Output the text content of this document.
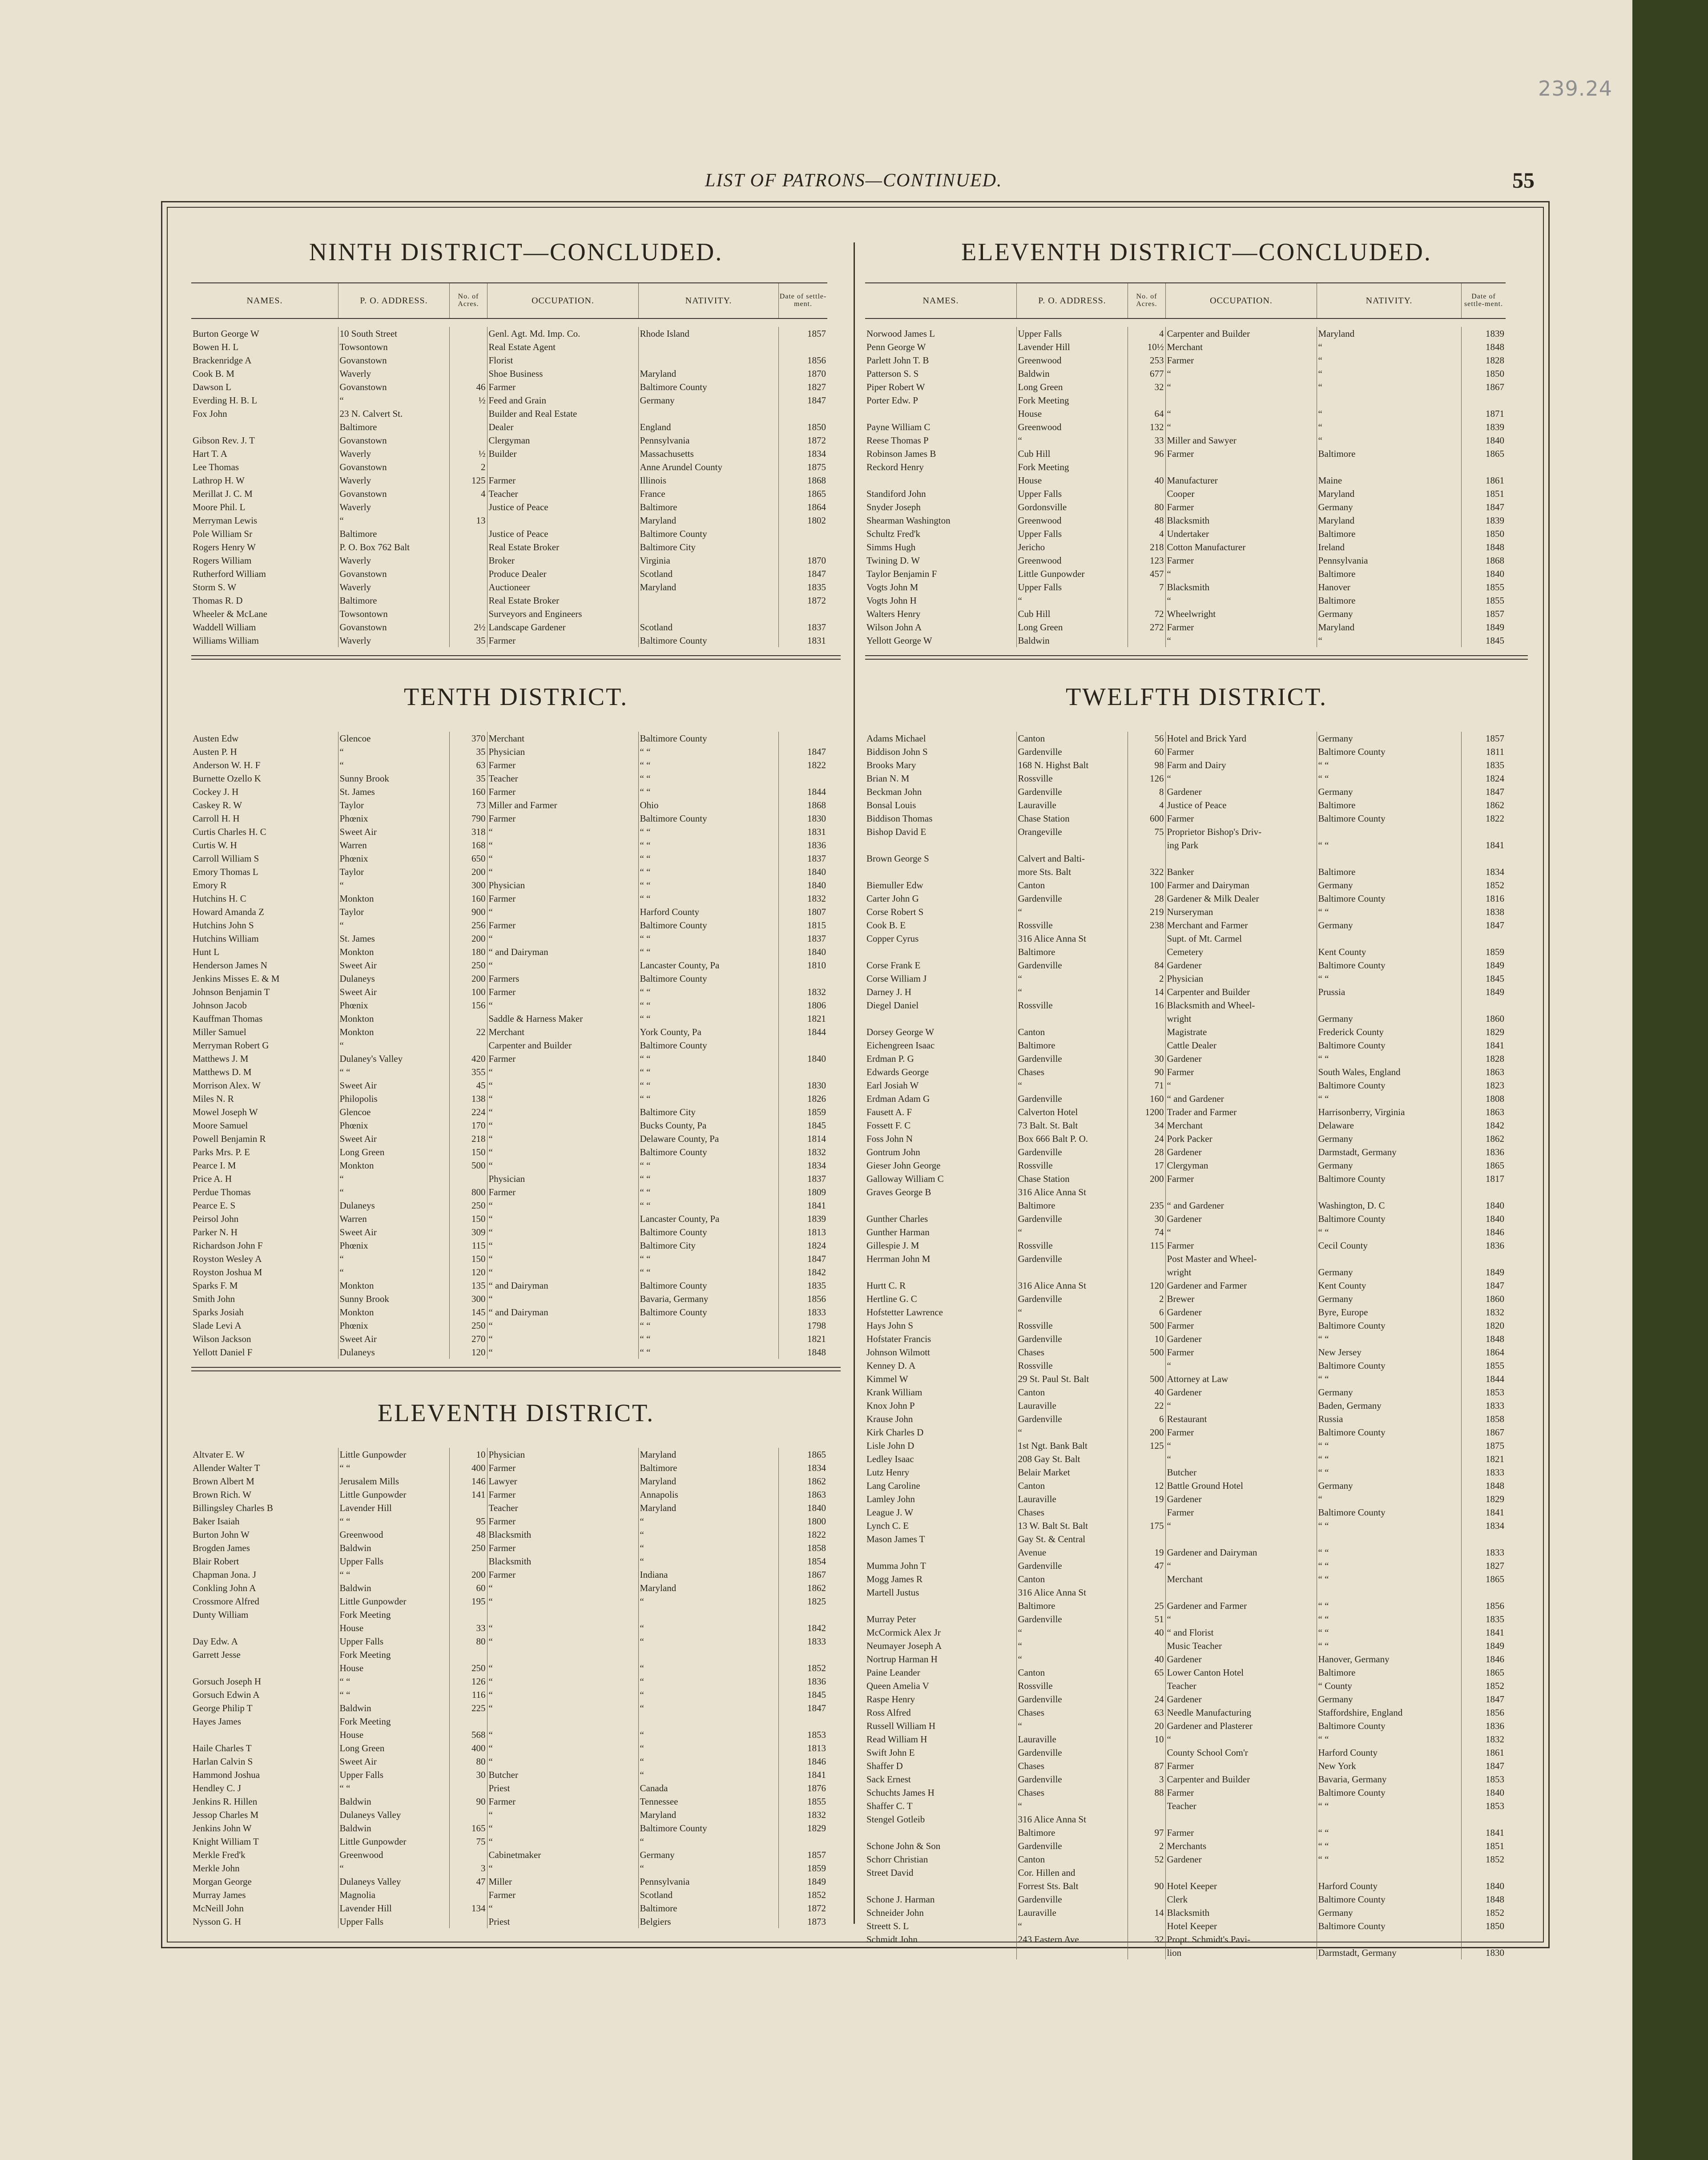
239.24
LIST OF PATRONS—CONTINUED.	55
NINTH DISTRICT—CONCLUDED.
NAMES.	P. O. ADDRESS.	No. of Acres.	OCCUPATION.	NATIVITY.	Date of settle-ment.
Burton George W	10 South Street		Genl. Agt. Md. Imp. Co.	Rhode Island	1857
Bowen H. L	Towsontown		Real Estate Agent		
Brackenridge A	Govanstown		Florist		1856
Cook B. M	Waverly		Shoe Business	Maryland	1870
Dawson L	Govanstown	46	Farmer	Baltimore County	1827
Everding H. B. L	“	½	Feed and Grain	Germany	1847
Fox John	23 N. Calvert St.		Builder and Real Estate		
	Baltimore		Dealer	England	1850
Gibson Rev. J. T	Govanstown		Clergyman	Pennsylvania	1872
Hart T. A	Waverly	½	Builder	Massachusetts	1834
Lee Thomas	Govanstown	2		Anne Arundel County	1875
Lathrop H. W	Waverly	125	Farmer	Illinois	1868
Merillat J. C. M	Govanstown	4	Teacher	France	1865
Moore Phil. L	Waverly		Justice of Peace	Baltimore	1864
Merryman Lewis	“	13		Maryland	1802
Pole William Sr	Baltimore		Justice of Peace	Baltimore County	
Rogers Henry W	P. O. Box 762 Balt		Real Estate Broker	Baltimore City	
Rogers William	Waverly		Broker	Virginia	1870
Rutherford William	Govanstown		Produce Dealer	Scotland	1847
Storm S. W	Waverly		Auctioneer	Maryland	1835
Thomas R. D	Baltimore		Real Estate Broker		1872
Wheeler & McLane	Towsontown		Surveyors and Engineers		
Waddell William	Govanstown	2½	Landscape Gardener	Scotland	1837
Williams William	Waverly	35	Farmer	Baltimore County	1831
TENTH DISTRICT.
Austen Edw	Glencoe	370	Merchant	Baltimore County	
Austen P. H	“	35	Physician	“ “	1847
Anderson W. H. F	“	63	Farmer	“ “	1822
Burnette Ozello K	Sunny Brook	35	Teacher	“ “	
Cockey J. H	St. James	160	Farmer	“ “	1844
Caskey R. W	Taylor	73	Miller and Farmer	Ohio	1868
Carroll H. H	Phœnix	790	Farmer	Baltimore County	1830
Curtis Charles H. C	Sweet Air	318	“	“ “	1831
Curtis W. H	Warren	168	“	“ “	1836
Carroll William S	Phœnix	650	“	“ “	1837
Emory Thomas L	Taylor	200	“	“ “	1840
Emory R	“	300	Physician	“ “	1840
Hutchins H. C	Monkton	160	Farmer	“ “	1832
Howard Amanda Z	Taylor	900	“	Harford County	1807
Hutchins John S	“	256	Farmer	Baltimore County	1815
Hutchins William	St. James	200	“	“ “	1837
Hunt L	Monkton	180	“ and Dairyman	“ “	1840
Henderson James N	Sweet Air	250	“	Lancaster County, Pa	1810
Jenkins Misses E. & M	Dulaneys	200	Farmers	Baltimore County	
Johnson Benjamin T	Sweet Air	100	Farmer	“ “	1832
Johnson Jacob	Phœnix	156	“	“ “	1806
Kauffman Thomas	Monkton		Saddle & Harness Maker	“ “	1821
Miller Samuel	Monkton	22	Merchant	York County, Pa	1844
Merryman Robert G	“		Carpenter and Builder	Baltimore County	
Matthews J. M	Dulaney's Valley	420	Farmer	“ “	1840
Matthews D. M	“ “	355	“	“ “	
Morrison Alex. W	Sweet Air	45	“	“ “	1830
Miles N. R	Philopolis	138	“	“ “	1826
Mowel Joseph W	Glencoe	224	“	Baltimore City	1859
Moore Samuel	Phœnix	170	“	Bucks County, Pa	1845
Powell Benjamin R	Sweet Air	218	“	Delaware County, Pa	1814
Parks Mrs. P. E	Long Green	150	“	Baltimore County	1832
Pearce I. M	Monkton	500	“	“ “	1834
Price A. H	“		Physician	“ “	1837
Perdue Thomas	“	800	Farmer	“ “	1809
Pearce E. S	Dulaneys	250	“	“ “	1841
Peirsol John	Warren	150	“	Lancaster County, Pa	1839
Parker N. H	Sweet Air	309	“	Baltimore County	1813
Richardson John F	Phœnix	115	“	Baltimore City	1824
Royston Wesley A	“	150	“	“ “	1847
Royston Joshua M	“	120	“	“ “	1842
Sparks F. M	Monkton	135	“ and Dairyman	Baltimore County	1835
Smith John	Sunny Brook	300	“	Bavaria, Germany	1856
Sparks Josiah	Monkton	145	“ and Dairyman	Baltimore County	1833
Slade Levi A	Phœnix	250	“	“ “	1798
Wilson Jackson	Sweet Air	270	“	“ “	1821
Yellott Daniel F	Dulaneys	120	“	“ “	1848
ELEVENTH DISTRICT.
Altvater E. W	Little Gunpowder	10	Physician	Maryland	1865
Allender Walter T	“ “	400	Farmer	Baltimore	1834
Brown Albert M	Jerusalem Mills	146	Lawyer	Maryland	1862
Brown Rich. W	Little Gunpowder	141	Farmer	Annapolis	1863
Billingsley Charles B	Lavender Hill		Teacher	Maryland	1840
Baker Isaiah	“ “	95	Farmer	“	1800
Burton John W	Greenwood	48	Blacksmith	“	1822
Brogden James	Baldwin	250	Farmer	“	1858
Blair Robert	Upper Falls		Blacksmith	“	1854
Chapman Jona. J	“ “	200	Farmer	Indiana	1867
Conkling John A	Baldwin	60	“	Maryland	1862
Crossmore Alfred	Little Gunpowder	195	“	“	1825
Dunty William	Fork Meeting				
	House	33	“	“	1842
Day Edw. A	Upper Falls	80	“	“	1833
Garrett Jesse	Fork Meeting				
	House	250	“	“	1852
Gorsuch Joseph H	“ “	126	“	“	1836
Gorsuch Edwin A	“ “	116	“	“	1845
George Philip T	Baldwin	225	“	“	1847
Hayes James	Fork Meeting				
	House	568	“	“	1853
Haile Charles T	Long Green	400	“	“	1813
Harlan Calvin S	Sweet Air	80	“	“	1846
Hammond Joshua	Upper Falls	30	Butcher	“	1841
Hendley C. J	“ “		Priest	Canada	1876
Jenkins R. Hillen	Baldwin	90	Farmer	Tennessee	1855
Jessop Charles M	Dulaneys Valley		“	Maryland	1832
Jenkins John W	Baldwin	165	“	Baltimore County	1829
Knight William T	Little Gunpowder	75	“	“	
Merkle Fred'k	Greenwood		Cabinetmaker	Germany	1857
Merkle John	“	3	“	“	1859
Morgan George	Dulaneys Valley	47	Miller	Pennsylvania	1849
Murray James	Magnolia		Farmer	Scotland	1852
McNeill John	Lavender Hill	134	“	Baltimore	1872
Nysson G. H	Upper Falls		Priest	Belgiers	1873
ELEVENTH DISTRICT—CONCLUDED.
NAMES.	P. O. ADDRESS.	No. of Acres.	OCCUPATION.	NATIVITY.	Date of settle-ment.
Norwood James L	Upper Falls	4	Carpenter and Builder	Maryland	1839
Penn George W	Lavender Hill	10½	Merchant	“	1848
Parlett John T. B	Greenwood	253	Farmer	“	1828
Patterson S. S	Baldwin	677	“	“	1850
Piper Robert W	Long Green	32	“	“	1867
Porter Edw. P	Fork Meeting				
	House	64	“	“	1871
Payne William C	Greenwood	132	“	“	1839
Reese Thomas P	“	33	Miller and Sawyer	“	1840
Robinson James B	Cub Hill	96	Farmer	Baltimore	1865
Reckord Henry	Fork Meeting				
	House	40	Manufacturer	Maine	1861
Standiford John	Upper Falls		Cooper	Maryland	1851
Snyder Joseph	Gordonsville	80	Farmer	Germany	1847
Shearman Washington	Greenwood	48	Blacksmith	Maryland	1839
Schultz Fred'k	Upper Falls	4	Undertaker	Baltimore	1850
Simms Hugh	Jericho	218	Cotton Manufacturer	Ireland	1848
Twining D. W	Greenwood	123	Farmer	Pennsylvania	1868
Taylor Benjamin F	Little Gunpowder	457	“	Baltimore	1840
Vogts John M	Upper Falls	7	Blacksmith	Hanover	1855
Vogts John H	“		“	Baltimore	1855
Walters Henry	Cub Hill	72	Wheelwright	Germany	1857
Wilson John A	Long Green	272	Farmer	Maryland	1849
Yellott George W	Baldwin		“	“	1845
TWELFTH DISTRICT.
Adams Michael	Canton	56	Hotel and Brick Yard	Germany	1857
Biddison John S	Gardenville	60	Farmer	Baltimore County	1811
Brooks Mary	168 N. Highst Balt	98	Farm and Dairy	“ “	1835
Brian N. M	Rossville	126	“	“ “	1824
Beckman John	Gardenville	8	Gardener	Germany	1847
Bonsal Louis	Lauraville	4	Justice of Peace	Baltimore	1862
Biddison Thomas	Chase Station	600	Farmer	Baltimore County	1822
Bishop David E	Orangeville	75	Proprietor Bishop's Driv-		
			ing Park	“ “	1841
Brown George S	Calvert and Balti-				
	more Sts. Balt	322	Banker	Baltimore	1834
Biemuller Edw	Canton	100	Farmer and Dairyman	Germany	1852
Carter John G	Gardenville	28	Gardener & Milk Dealer	Baltimore County	1816
Corse Robert S	“	219	Nurseryman	“ “	1838
Cook B. E	Rossville	238	Merchant and Farmer	Germany	1847
Copper Cyrus	316 Alice Anna St		Supt. of Mt. Carmel		
	Baltimore		Cemetery	Kent County	1859
Corse Frank E	Gardenville	84	Gardener	Baltimore County	1849
Corse William J	“	2	Physician	“ “	1845
Darney J. H	“	14	Carpenter and Builder	Prussia	1849
Diegel Daniel	Rossville	16	Blacksmith and Wheel-		
			wright	Germany	1860
Dorsey George W	Canton		Magistrate	Frederick County	1829
Eichengreen Isaac	Baltimore		Cattle Dealer	Baltimore County	1841
Erdman P. G	Gardenville	30	Gardener	“ “	1828
Edwards George	Chases	90	Farmer	South Wales, England	1863
Earl Josiah W	“	71	“	Baltimore County	1823
Erdman Adam G	Gardenville	160	“ and Gardener	“ “	1808
Fausett A. F	Calverton Hotel	1200	Trader and Farmer	Harrisonberry, Virginia	1863
Fossett F. C	73 Balt. St. Balt	34	Merchant	Delaware	1842
Foss John N	Box 666 Balt P. O.	24	Pork Packer	Germany	1862
Gontrum John	Gardenville	28	Gardener	Darmstadt, Germany	1836
Gieser John George	Rossville	17	Clergyman	Germany	1865
Galloway William C	Chase Station	200	Farmer	Baltimore County	1817
Graves George B	316 Alice Anna St				
	Baltimore	235	“ and Gardener	Washington, D. C	1840
Gunther Charles	Gardenville	30	Gardener	Baltimore County	1840
Gunther Harman	“	74	“	“ “	1846
Gillespie J. M	Rossville	115	Farmer	Cecil County	1836
Herrman John M	Gardenville		Post Master and Wheel-		
			wright	Germany	1849
Hurtt C. R	316 Alice Anna St	120	Gardener and Farmer	Kent County	1847
Hertline G. C	Gardenville	2	Brewer	Germany	1860
Hofstetter Lawrence	“	6	Gardener	Byre, Europe	1832
Hays John S	Rossville	500	Farmer	Baltimore County	1820
Hofstater Francis	Gardenville	10	Gardener	“ “	1848
Johnson Wilmott	Chases	500	Farmer	New Jersey	1864
Kenney D. A	Rossville		“	Baltimore County	1855
Kimmel W	29 St. Paul St. Balt	500	Attorney at Law	“ “	1844
Krank William	Canton	40	Gardener	Germany	1853
Knox John P	Lauraville	22	“	Baden, Germany	1833
Krause John	Gardenville	6	Restaurant	Russia	1858
Kirk Charles D	“	200	Farmer	Baltimore County	1867
Lisle John D	1st Ngt. Bank Balt	125	“	“ “	1875
Ledley Isaac	208 Gay St. Balt		“	“ “	1821
Lutz Henry	Belair Market		Butcher	“ “	1833
Lang Caroline	Canton	12	Battle Ground Hotel	Germany	1848
Lamley John	Lauraville	19	Gardener	“	1829
League J. W	Chases		Farmer	Baltimore County	1841
Lynch C. E	13 W. Balt St. Balt	175	“	“ “	1834
Mason James T	Gay St. & Central				
	Avenue	19	Gardener and Dairyman	“ “	1833
Mumma John T	Gardenville	47	“	“ “	1827
Mogg James R	Canton		Merchant	“ “	1865
Martell Justus	316 Alice Anna St				
	Baltimore	25	Gardener and Farmer	“ “	1856
Murray Peter	Gardenville	51	“	“ “	1835
McCormick Alex Jr	“	40	“ and Florist	“ “	1841
Neumayer Joseph A	“		Music Teacher	“ “	1849
Nortrup Harman H	“	40	Gardener	Hanover, Germany	1846
Paine Leander	Canton	65	Lower Canton Hotel	Baltimore	1865
Queen Amelia V	Rossville		Teacher	“ County	1852
Raspe Henry	Gardenville	24	Gardener	Germany	1847
Ross Alfred	Chases	63	Needle Manufacturing	Staffordshire, England	1856
Russell William H	“	20	Gardener and Plasterer	Baltimore County	1836
Read William H	Lauraville	10	“	“ “	1832
Swift John E	Gardenville		County School Com'r	Harford County	1861
Shaffer D	Chases	87	Farmer	New York	1847
Sack Ernest	Gardenville	3	Carpenter and Builder	Bavaria, Germany	1853
Schuchts James H	Chases	88	Farmer	Baltimore County	1840
Shaffer C. T	“		Teacher	“ “	1853
Stengel Gotleib	316 Alice Anna St				
	Baltimore	97	Farmer	“ “	1841
Schone John & Son	Gardenville	2	Merchants	“ “	1851
Schorr Christian	Canton	52	Gardener	“ “	1852
Street David	Cor. Hillen and				
	Forrest Sts. Balt	90	Hotel Keeper	Harford County	1840
Schone J. Harman	Gardenville		Clerk	Baltimore County	1848
Schneider John	Lauraville	14	Blacksmith	Germany	1852
Streett S. L	“		Hotel Keeper	Baltimore County	1850
Schmidt John	243 Eastern Ave	32	Propt. Schmidt's Pavi-		
			lion	Darmstadt, Germany	1830
